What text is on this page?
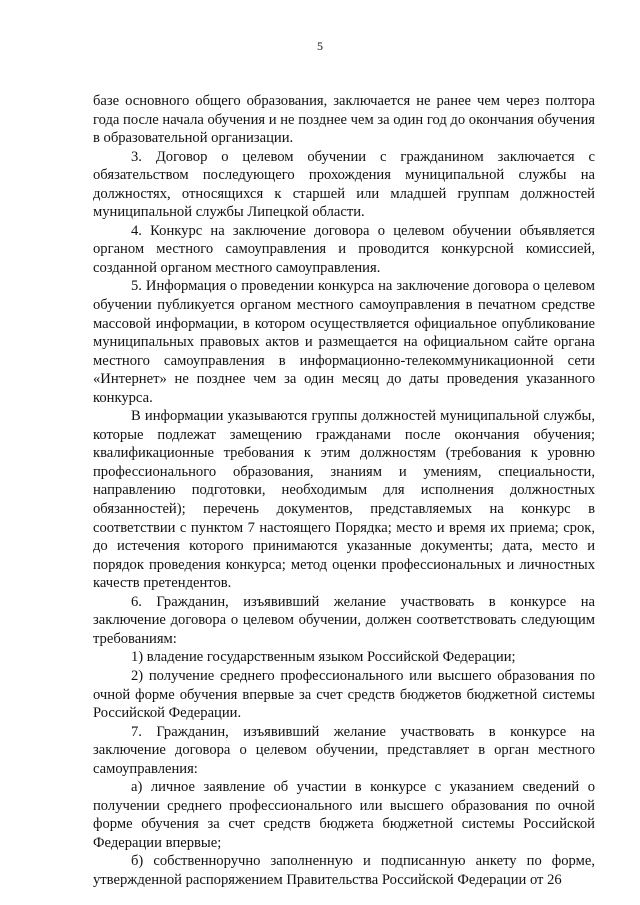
5

базе основного общего образования, заключается не ранее чем через полтора года после начала обучения и не позднее чем за один год до окончания обучения в образовательной организации.

3. Договор о целевом обучении с гражданином заключается с обязательством последующего прохождения муниципальной службы на должностях, относящихся к старшей или младшей группам должностей муниципальной службы Липецкой области.

4. Конкурс на заключение договора о целевом обучении объявляется органом местного самоуправления и проводится конкурсной комиссией, созданной органом местного самоуправления.

5. Информация о проведении конкурса на заключение договора о целевом обучении публикуется органом местного самоуправления в печатном средстве массовой информации, в котором осуществляется официальное опубликование муниципальных правовых актов и размещается на официальном сайте органа местного самоуправления в информационно-телекоммуникационной сети «Интернет» не позднее чем за один месяц до даты проведения указанного конкурса.

В информации указываются группы должностей муниципальной службы, которые подлежат замещению гражданами после окончания обучения; квалификационные требования к этим должностям (требования к уровню профессионального образования, знаниям и умениям, специальности, направлению подготовки, необходимым для исполнения должностных обязанностей); перечень документов, представляемых на конкурс в соответствии с пунктом 7 настоящего Порядка; место и время их приема; срок, до истечения которого принимаются указанные документы; дата, место и порядок проведения конкурса; метод оценки профессиональных и личностных качеств претендентов.

6. Гражданин, изъявивший желание участвовать в конкурсе на заключение договора о целевом обучении, должен соответствовать следующим требованиям:

1) владение государственным языком Российской Федерации;

2) получение среднего профессионального или высшего образования по очной форме обучения впервые за счет средств бюджетов бюджетной системы Российской Федерации.

7. Гражданин, изъявивший желание участвовать в конкурсе на заключение договора о целевом обучении, представляет в орган местного самоуправления:

а) личное заявление об участии в конкурсе с указанием сведений о получении среднего профессионального или высшего образования по очной форме обучения за счет средств бюджета бюджетной системы Российской Федерации впервые;

б) собственноручно заполненную и подписанную анкету по форме, утвержденной распоряжением Правительства Российской Федерации от 26
